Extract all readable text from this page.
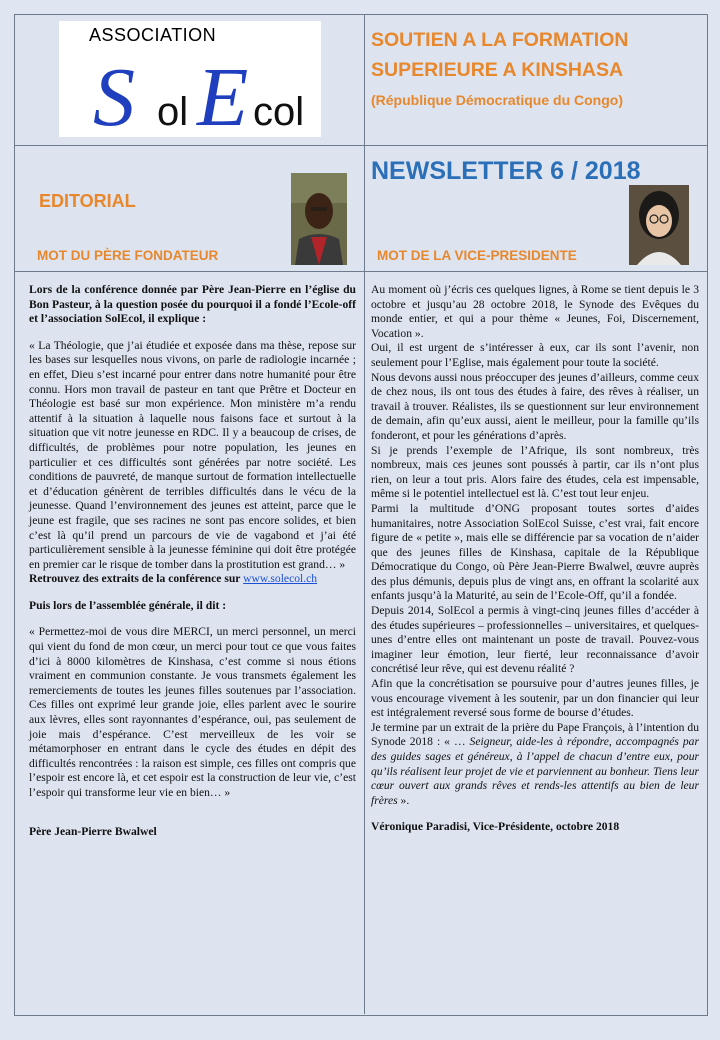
ASSOCIATION
S ol E col
SOUTIEN A LA FORMATION
SUPERIEURE A KINSHASA
(République Démocratique du Congo)
NEWSLETTER 6 / 2018
EDITORIAL
MOT DU PÈRE FONDATEUR	MOT DE LA VICE-PRESIDENTE

Lors de la conférence donnée par Père Jean-Pierre en l’église du Bon Pasteur, à la question posée du pourquoi il a fondé l’Ecole-off et l’association SolEcol, il explique :

« La Théologie, que j’ai étudiée et exposée dans ma thèse, repose sur les bases sur lesquelles nous vivons, on parle de radiologie incarnée ; en effet, Dieu s’est incarné pour entrer dans notre humanité pour être connu. Hors mon travail de pasteur en tant que Prêtre et Docteur en Théologie est basé sur mon expérience. Mon ministère m’a rendu attentif à la situation à laquelle nous faisons face et surtout à la situation que vit notre jeunesse en RDC. Il y a beaucoup de crises, de difficultés, de problèmes pour notre population, les jeunes en particulier et ces difficultés sont générées par notre société. Les conditions de pauvreté, de manque surtout de formation intellectuelle et d’éducation génèrent de terribles difficultés dans le vécu de la jeunesse. Quand l’environnement des jeunes est atteint, parce que le jeune est fragile, que ses racines ne sont pas encore solides, et bien c’est là qu’il prend un parcours de vie de vagabond et j’ai été particulièrement sensible à la jeunesse féminine qui doit être protégée en premier car le risque de tomber dans la prostitution est grand… »

Retrouvez des extraits de la conférence sur www.solecol.ch

Puis lors de l’assemblée générale, il dit :

« Permettez-moi de vous dire MERCI, un merci personnel, un merci qui vient du fond de mon cœur, un merci pour tout ce que vous faites d’ici à 8000 kilomètres de Kinshasa, c’est comme si nous étions vraiment en communion constante. Je vous transmets également les remerciements de toutes les jeunes filles soutenues par l’association. Ces filles ont exprimé leur grande joie, elles parlent avec le sourire aux lèvres, elles sont rayonnantes d’espérance, oui, pas seulement de joie mais d’espérance. C’est merveilleux de les voir se métamorphoser en entrant dans le cycle des études en dépit des difficultés rencontrées : la raison est simple, ces filles ont compris que l’espoir est encore là, et cet espoir est la construction de leur vie, c’est l’espoir qui transforme leur vie en bien… »

Père Jean-Pierre Bwalwel

Au moment où j’écris ces quelques lignes, à Rome se tient depuis le 3 octobre et jusqu’au 28 octobre 2018, le Synode des Evêques du monde entier, et qui a pour thème « Jeunes, Foi, Discernement, Vocation ».

Oui, il est urgent de s’intéresser à eux, car ils sont l’avenir, non seulement pour l’Eglise, mais également pour toute la société.

Nous devons aussi nous préoccuper des jeunes d’ailleurs, comme ceux de chez nous, ils ont tous des études à faire, des rêves à réaliser, un travail à trouver. Réalistes, ils se questionnent sur leur environnement de demain, afin qu’eux aussi, aient le meilleur, pour la famille qu’ils fonderont, et pour les générations d’après.

Si je prends l’exemple de l’Afrique, ils sont nombreux, très nombreux, mais ces jeunes sont poussés à partir, car ils n’ont plus rien, on leur a tout pris. Alors faire des études, cela est impensable, même si le potentiel intellectuel est là. C’est tout leur enjeu.

Parmi la multitude d’ONG proposant toutes sortes d’aides humanitaires, notre Association SolEcol Suisse, c’est vrai, fait encore figure de « petite », mais elle se différencie par sa vocation de n’aider que des jeunes filles de Kinshasa, capitale de la République Démocratique du Congo, où Père Jean-Pierre Bwalwel, œuvre auprès des plus démunis, depuis plus de vingt ans, en offrant la scolarité aux enfants jusqu’à la Maturité, au sein de l’Ecole-Off, qu’il a fondée.

Depuis 2014, SolEcol a permis à vingt-cinq jeunes filles d’accéder à des études supérieures – professionnelles – universitaires, et quelques-unes d’entre elles ont maintenant un poste de travail. Pouvez-vous imaginer leur émotion, leur fierté, leur reconnaissance d’avoir concrétisé leur rêve, qui est devenu réalité ?

Afin que la concrétisation se poursuive pour d’autres jeunes filles, je vous encourage vivement à les soutenir, par un don financier qui leur est intégralement reversé sous forme de bourse d’études.

Je termine par un extrait de la prière du Pape François, à l’intention du Synode 2018 : « … Seigneur, aide-les à répondre, accompagnés par des guides sages et généreux, à l’appel de chacun d’entre eux, pour qu’ils réalisent leur projet de vie et parviennent au bonheur. Tiens leur cœur ouvert aux grands rêves et rends-les attentifs au bien de leur frères ».

Véronique Paradisi, Vice-Présidente, octobre 2018
